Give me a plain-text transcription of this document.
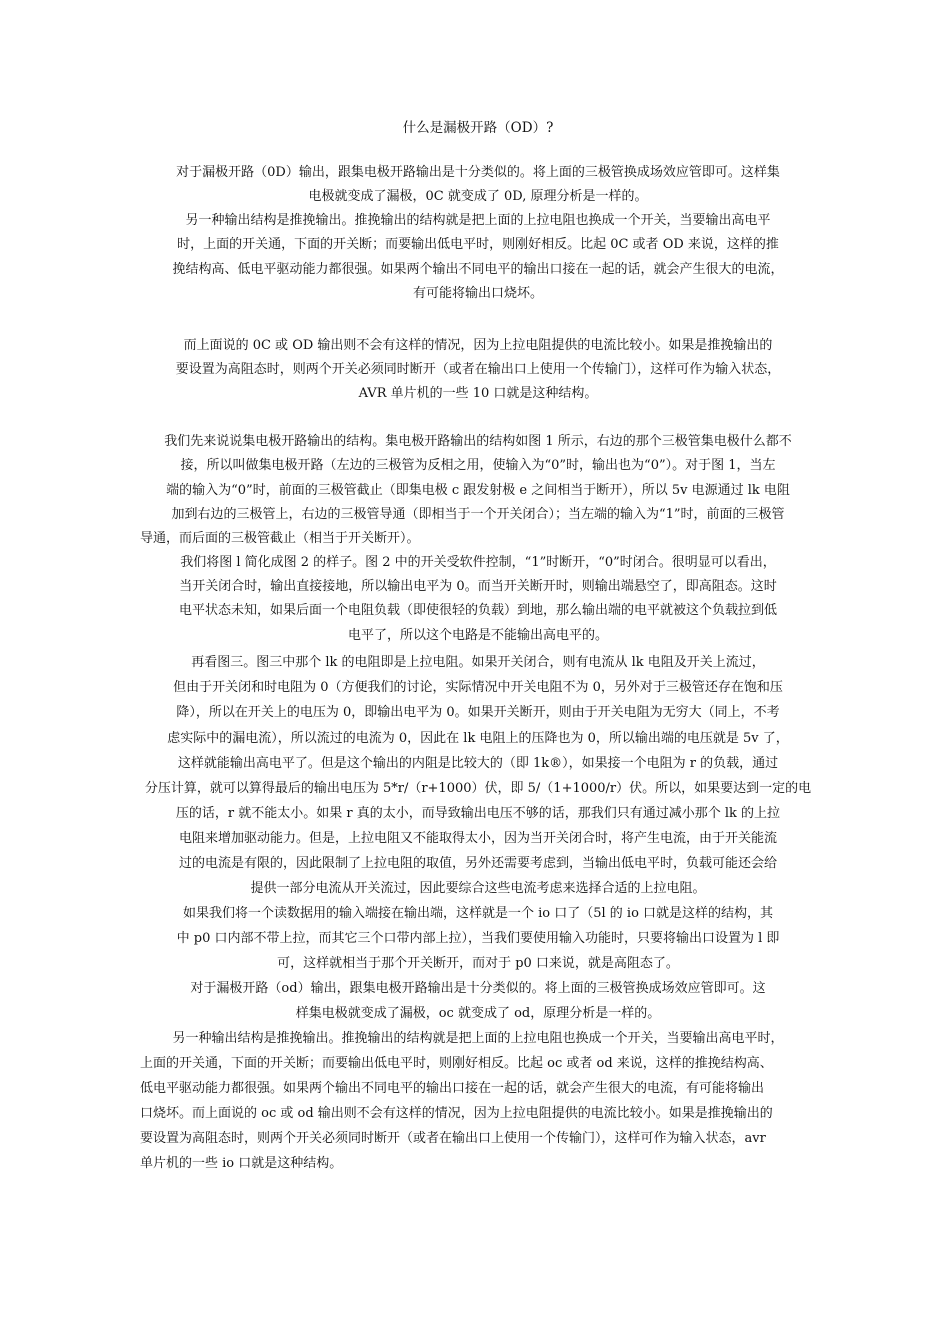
什么是漏极开路（OD）?
对于漏极开路（0D）输出，跟集电极开路输出是十分类似的。将上面的三极管换成场效应管即可。这样集
电极就变成了漏极，0C 就变成了 0D, 原理分析是一样的。
另一种输出结构是推挽输出。推挽输出的结构就是把上面的上拉电阻也换成一个开关，当要输出高电平
时，上面的开关通，下面的开关断；而要输出低电平时，则刚好相反。比起 0C 或者 OD 来说，这样的推
挽结构高、低电平驱动能力都很强。如果两个输出不同电平的输出口接在一起的话，就会产生很大的电流，
有可能将输出口烧坏。
而上面说的 0C 或 OD 输出则不会有这样的情况，因为上拉电阻提供的电流比较小。如果是推挽输出的
要设置为高阻态时，则两个开关必须同时断开（或者在输出口上使用一个传输门），这样可作为输入状态，
AVR 单片机的一些 10 口就是这种结构。
我们先来说说集电极开路输出的结构。集电极开路输出的结构如图 1 所示，右边的那个三极管集电极什么都不
接，所以叫做集电极开路（左边的三极管为反相之用，使输入为“0”时，输出也为“0”）。对于图 1，当左
端的输入为“0”时，前面的三极管截止（即集电极 c 跟发射极 e 之间相当于断开），所以 5v 电源通过 lk 电阻
加到右边的三极管上，右边的三极管导通（即相当于一个开关闭合）；当左端的输入为“1”时，前面的三极管
导通，而后面的三极管截止（相当于开关断开）。
我们将图 l 简化成图 2 的样子。图 2 中的开关受软件控制，“1”时断开，“0”时闭合。很明显可以看出，
当开关闭合时，输出直接接地，所以输出电平为 0。而当开关断开时，则输出端悬空了，即高阻态。这时
电平状态未知，如果后面一个电阻负载（即使很轻的负载）到地，那么输出端的电平就被这个负载拉到低
电平了，所以这个电路是不能输出高电平的。
再看图三。图三中那个 lk 的电阻即是上拉电阻。如果开关闭合，则有电流从 lk 电阻及开关上流过，
但由于开关闭和时电阻为 0（方便我们的讨论，实际情况中开关电阻不为 0，另外对于三极管还存在饱和压
降），所以在开关上的电压为 0，即输出电平为 0。如果开关断开，则由于开关电阻为无穷大（同上，不考
虑实际中的漏电流），所以流过的电流为 0，因此在 lk 电阻上的压降也为 0，所以输出端的电压就是 5v 了，
这样就能输出高电平了。但是这个输出的内阻是比较大的（即 1k®），如果接一个电阻为 r 的负载，通过
分压计算，就可以算得最后的输出电压为 5*r/（r+1000）伏，即 5/（1+1000/r）伏。所以，如果要达到一定的电
压的话，r 就不能太小。如果 r 真的太小，而导致输出电压不够的话，那我们只有通过减小那个 lk 的上拉
电阻来增加驱动能力。但是，上拉电阻又不能取得太小，因为当开关闭合时，将产生电流，由于开关能流
过的电流是有限的，因此限制了上拉电阻的取值，另外还需要考虑到，当输出低电平时，负载可能还会给
提供一部分电流从开关流过，因此要综合这些电流考虑来选择合适的上拉电阻。
如果我们将一个读数据用的输入端接在输出端，这样就是一个 io 口了（5l 的 io 口就是这样的结构，其
中 p0 口内部不带上拉，而其它三个口带内部上拉），当我们要使用输入功能时，只要将输出口设置为 l 即
可，这样就相当于那个开关断开，而对于 p0 口来说，就是高阻态了。
对于漏极开路（od）输出，跟集电极开路输出是十分类似的。将上面的三极管换成场效应管即可。这
样集电极就变成了漏极，oc 就变成了 od，原理分析是一样的。
另一种输出结构是推挽输出。推挽输出的结构就是把上面的上拉电阻也换成一个开关，当要输出高电平时，
上面的开关通，下面的开关断；而要输出低电平时，则刚好相反。比起 oc 或者 od 来说，这样的推挽结构高、
低电平驱动能力都很强。如果两个输出不同电平的输出口接在一起的话，就会产生很大的电流，有可能将输出
口烧坏。而上面说的 oc 或 od 输出则不会有这样的情况，因为上拉电阻提供的电流比较小。如果是推挽输出的
要设置为高阻态时，则两个开关必须同时断开（或者在输出口上使用一个传输门），这样可作为输入状态，avr
单片机的一些 io 口就是这种结构。
